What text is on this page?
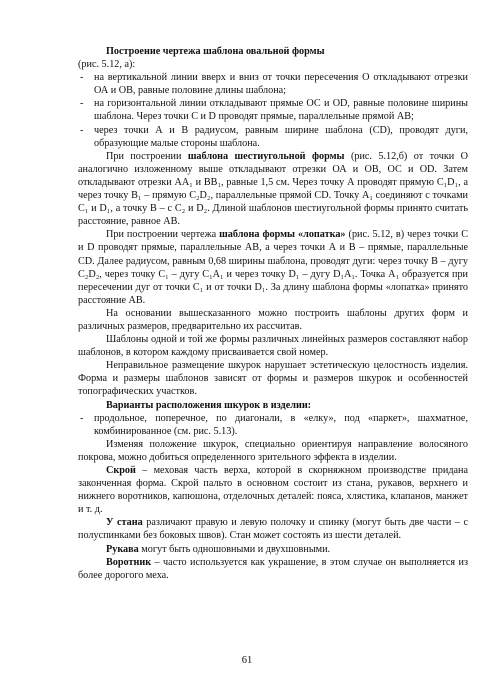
Построение чертежа шаблона овальной формы

(рис. 5.12, а):

-	на вертикальной линии вверх и вниз от точки пересечения О откладывают отрезки ОА и ОВ, равные половине длины шаблона;
-	на горизонтальной линии откладывают прямые ОС и OD, равные половине ширины шаблона. Через точки С и D проводят прямые, параллельные прямой АВ;
-	через точки А и В радиусом, равным ширине шаблона (CD), проводят дуги, образующие малые стороны шаблона.

При построении шаблона шестиугольной формы (рис. 5.12,б) от точки О аналогично изложенному выше откладывают отрезки ОА и ОВ, ОС и OD. Затем откладывают отрезки АА₁ и ВВ₁, равные 1,5 см. Через точку А проводят прямую C₁D₁, а через точку B₁ – прямую C₂D₂, параллельные прямой CD. Точку А₁ соединяют с точками C₁ и D₁, а точку В – с C₂ и D₂. Длиной шаблонов шестиугольной формы принято считать расстояние, равное АВ.

При построении чертежа шаблона формы «лопатка» (рис. 5.12, в) через точки С и D проводят прямые, параллельные АВ, а через точки А и В – прямые, параллельные CD. Далее радиусом, равным 0,68 ширины шаблона, проводят дуги: через точку В – дугу C₂D₂, через точку C₁ – дугу C₁A₁ и через точку D₁ – дугу D₁A₁. Точка А₁ образуется при пересечении дуг от точки C₁ и от точки D₁. За длину шаблона формы «лопатка» принято расстояние АВ.

На основании вышесказанного можно построить шаблоны других форм и различных размеров, предварительно их рассчитав.

Шаблоны одной и той же формы различных линейных размеров составляют набор шаблонов, в котором каждому присваивается свой номер.

Неправильное размещение шкурок нарушает эстетическую целостность изделия. Форма и размеры шаблонов зависят от формы и размеров шкурок и особенностей топографических участков.

Варианты расположения шкурок в изделии:

-	продольное, поперечное, по диагонали, в «елку», под «паркет», шахматное, комбинированное (см. рис. 5.13).

Изменяя положение шкурок, специально ориентируя направление волосяного покрова, можно добиться определенного зрительного эффекта в изделии.

Скрой – меховая часть верха, которой в скорняжном производстве придана законченная форма. Скрой пальто в основном состоит из стана, рукавов, верхнего и нижнего воротников, капюшона, отделочных деталей: пояса, хлястика, клапанов, манжет и т. д.

У стана различают правую и левую полочку и спинку (могут быть две части – с полуспинками без боковых швов). Стан может состоять из шести деталей.

Рукава могут быть одношовными и двухшовными.

Воротник – часто используется как украшение, в этом случае он выполняется из более дорогого меха.

61
